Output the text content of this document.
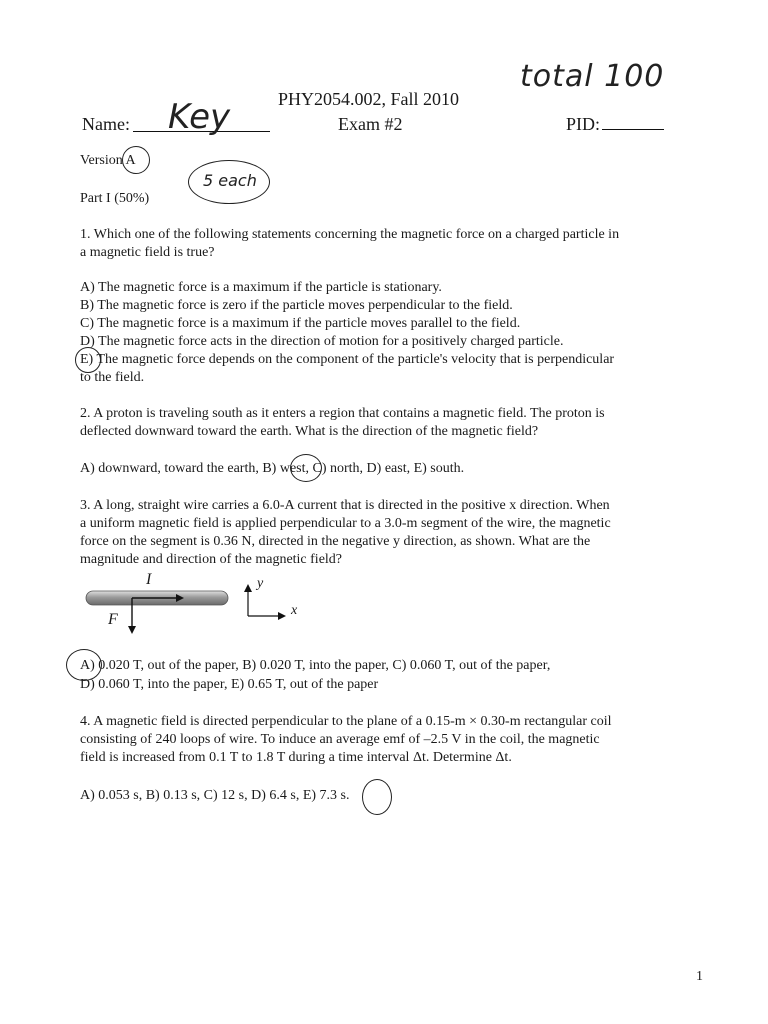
PHY2054.002, Fall 2010
Exam #2
Name: Key	PID:
total 100
Version A
5 each
Part I (50%)
1. Which one of the following statements concerning the magnetic force on a charged particle in
a magnetic field is true?
A) The magnetic force is a maximum if the particle is stationary.
B) The magnetic force is zero if the particle moves perpendicular to the field.
C) The magnetic force is a maximum if the particle moves parallel to the field.
D) The magnetic force acts in the direction of motion for a positively charged particle.
E) The magnetic force depends on the component of the particle's velocity that is perpendicular
to the field.
2. A proton is traveling south as it enters a region that contains a magnetic field. The proton is
deflected downward toward the earth. What is the direction of the magnetic field?
A) downward, toward the earth, B) west, C) north, D) east, E) south.
3. A long, straight wire carries a 6.0-A current that is directed in the positive x direction. When
a uniform magnetic field is applied perpendicular to a 3.0-m segment of the wire, the magnetic
force on the segment is 0.36 N, directed in the negative y direction, as shown. What are the
magnitude and direction of the magnetic field?
I
F
y
x
A) 0.020 T, out of the paper, B) 0.020 T, into the paper, C) 0.060 T, out of the paper,
D) 0.060 T, into the paper, E) 0.65 T, out of the paper
4. A magnetic field is directed perpendicular to the plane of a 0.15-m × 0.30-m rectangular coil
consisting of 240 loops of wire. To induce an average emf of –2.5 V in the coil, the magnetic
field is increased from 0.1 T to 1.8 T during a time interval Δt. Determine Δt.
A) 0.053 s, B) 0.13 s, C) 12 s, D) 6.4 s, E) 7.3 s.
1
